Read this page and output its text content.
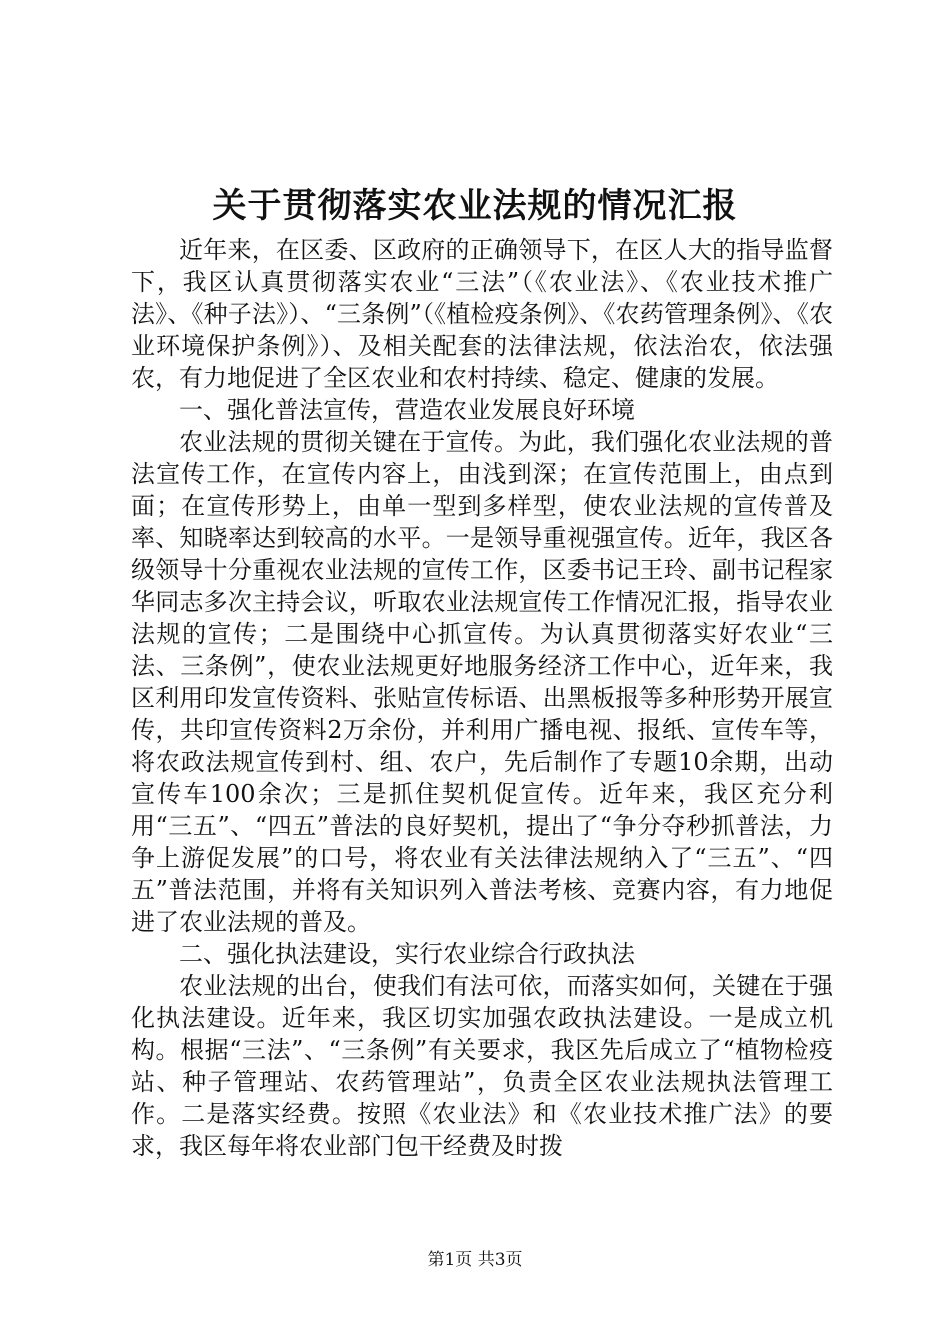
关于贯彻落实农业法规的情况汇报

近年来，在区委、区政府的正确领导下，在区人大的指导监督下，我区认真贯彻落实农业“三法”（《农业法》、《农业技术推广法》、《种子法》）、“三条例”（《植检疫条例》、《农药管理条例》、《农业环境保护条例》）、及相关配套的法律法规，依法治农，依法强农，有力地促进了全区农业和农村持续、稳定、健康的发展。

一、强化普法宣传，营造农业发展良好环境

农业法规的贯彻关键在于宣传。为此，我们强化农业法规的普法宣传工作，在宣传内容上，由浅到深；在宣传范围上，由点到面；在宣传形势上，由单一型到多样型，使农业法规的宣传普及率、知晓率达到较高的水平。一是领导重视强宣传。近年，我区各级领导十分重视农业法规的宣传工作，区委书记王玲、副书记程家华同志多次主持会议，听取农业法规宣传工作情况汇报，指导农业法规的宣传；二是围绕中心抓宣传。为认真贯彻落实好农业“三法、三条例”，使农业法规更好地服务经济工作中心，近年来，我区利用印发宣传资料、张贴宣传标语、出黑板报等多种形势开展宣传，共印宣传资料2万余份，并利用广播电视、报纸、宣传车等，将农政法规宣传到村、组、农户，先后制作了专题10余期，出动宣传车100余次；三是抓住契机促宣传。近年来，我区充分利用“三五”、“四五”普法的良好契机，提出了“争分夺秒抓普法，力争上游促发展”的口号，将农业有关法律法规纳入了“三五”、“四五”普法范围，并将有关知识列入普法考核、竞赛内容，有力地促进了农业法规的普及。

二、强化执法建设，实行农业综合行政执法

农业法规的出台，使我们有法可依，而落实如何，关键在于强化执法建设。近年来，我区切实加强农政执法建设。一是成立机构。根据“三法”、“三条例”有关要求，我区先后成立了“植物检疫站、种子管理站、农药管理站”，负责全区农业法规执法管理工作。二是落实经费。按照《农业法》和《农业技术推广法》的要求，我区每年将农业部门包干经费及时拨

第1页 共3页
